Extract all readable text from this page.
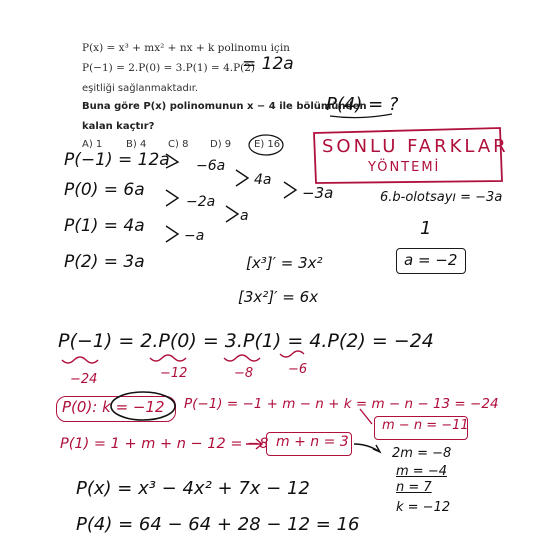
P(x) = x³ + mx² + nx + k polinomu için
P(−1) = 2.P(0) = 3.P(1) = 4.P(2)
= 12a
eşitliği sağlanmaktadır.
Buna göre P(x) polinomunun x − 4 ile bölümünden
P(4) = ?
kalan kaçtır?
A) 1 B) 4 C) 8 D) 9 E) 16 SONLU FARKLAR
YÖNTEMİ
P(−1) = 12a
P(0) = 6a
P(1) = 4a
P(2) = 3a
−6a
−2a
−a
4a
a
−3a	6.b-olotsayı = −3a
1
a = −2
[x³]′ = 3x²
[3x²]′ = 6x
P(−1) = 2.P(0) = 3.P(1) = 4.P(2) = −24
−24	−12	−8	−6
P(0): k = −12 P(−1) = −1 + m − n + k = m − n − 13 = −24
m − n = −11
P(1) = 1 + m + n − 12 = −8 m + n = 3
2m = −8
m = −4
n = 7
k = −12
P(x) = x³ − 4x² + 7x − 12
P(4) = 64 − 64 + 28 − 12 = 16
